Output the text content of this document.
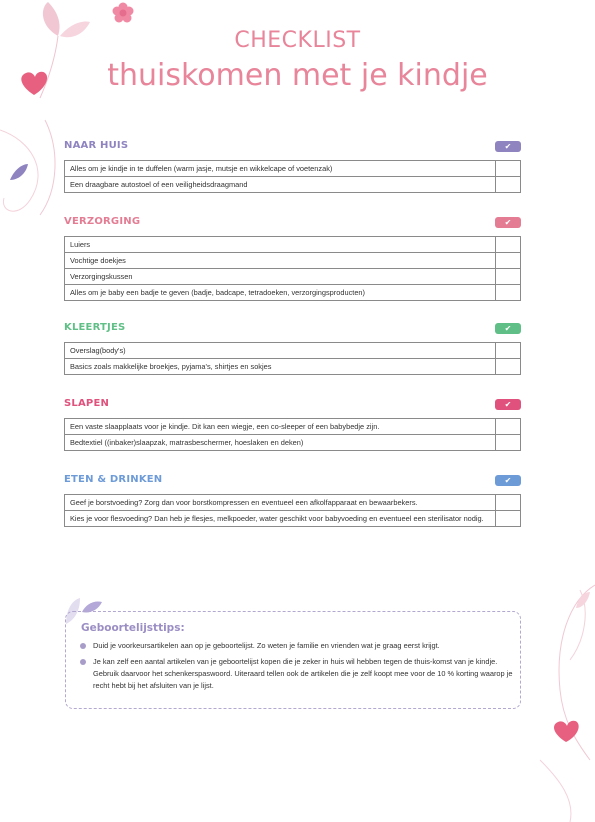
CHECKLIST
thuiskomen met je kindje
NAAR HUIS	✔
Alles om je kindje in te duffelen (warm jasje, mutsje en wikkelcape of voetenzak)
Een draagbare autostoel of een veiligheidsdraagmand
VERZORGING	✔
Luiers
Vochtige doekjes
Verzorgingskussen
Alles om je baby een badje te geven (badje, badcape, tetradoeken, verzorgingsproducten)
KLEERTJES	✔
Overslag(body's)
Basics zoals makkelijke broekjes, pyjama's, shirtjes en sokjes
SLAPEN	✔
Een vaste slaapplaats voor je kindje. Dit kan een wiegje, een co-sleeper of een babybedje zijn.
Bedtextiel ((inbaker)slaapzak, matrasbeschermer, hoeslaken en deken)
ETEN & DRINKEN	✔
Geef je borstvoeding? Zorg dan voor borstkompressen en eventueel een afkolfapparaat en bewaarbekers.
Kies je voor flesvoeding? Dan heb je flesjes, melkpoeder, water geschikt voor babyvoeding en eventueel een sterilisator nodig.
Geboortelijsttips:
Duid je voorkeursartikelen aan op je geboortelijst. Zo weten je familie en vrienden wat je graag eerst krijgt.
Je kan zelf een aantal artikelen van je geboortelijst kopen die je zeker in huis wil hebben tegen de thuis-komst van je kindje. Gebruik daarvoor het schenkerspaswoord. Uiteraard tellen ook de artikelen die je zelf koopt mee voor de 10 % korting waarop je recht hebt bij het afsluiten van je lijst.
